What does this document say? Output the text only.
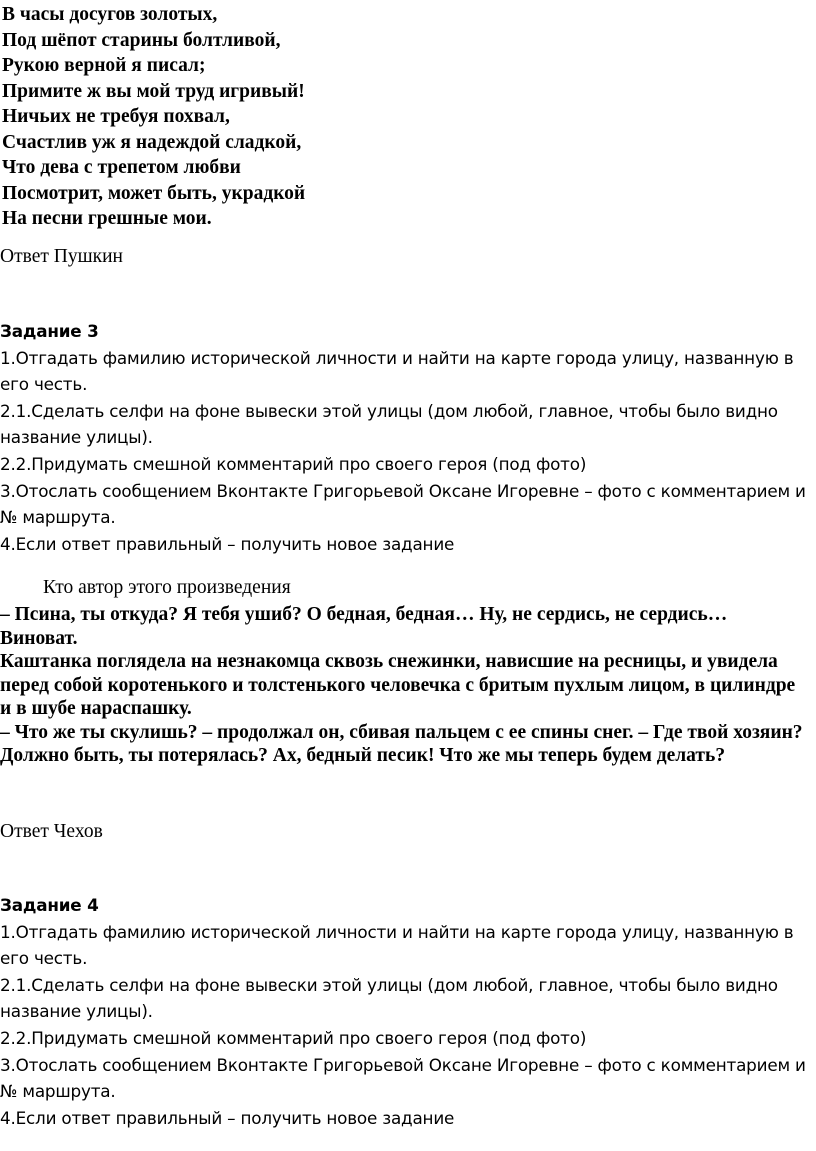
В часы досугов золотых,
Под шёпот старины болтливой,
Рукою верной я писал;
Примите ж вы мой труд игривый!
Ничьих не требуя похвал,
Счастлив уж я надеждой сладкой,
Что дева с трепетом любви
Посмотрит, может быть, украдкой
На песни грешные мои.
Ответ Пушкин
Задание 3
1.Отгадать фамилию исторической личности и найти на карте города улицу, названную в его честь.
2.1.Сделать селфи на фоне вывески этой улицы (дом любой, главное, чтобы было видно название улицы).
2.2.Придумать смешной комментарий про своего героя (под фото)
3.Отослать сообщением Вконтакте Григорьевой Оксане Игоревне – фото с комментарием и № маршрута.
4.Если ответ правильный – получить новое задание
Кто автор этого произведения
– Псина, ты откуда? Я тебя ушиб? О бедная, бедная… Ну, не сердись, не сердись… Виноват.
Каштанка поглядела на незнакомца сквозь снежинки, нависшие на ресницы, и увидела перед собой коротенького и толстенького человечка с бритым пухлым лицом, в цилиндре и в шубе нараспашку.
– Что же ты скулишь? – продолжал он, сбивая пальцем с ее спины снег. – Где твой хозяин? Должно быть, ты потерялась? Ах, бедный песик! Что же мы теперь будем делать?
Ответ Чехов
Задание 4
1.Отгадать фамилию исторической личности и найти на карте города улицу, названную в его честь.
2.1.Сделать селфи на фоне вывески этой улицы (дом любой, главное, чтобы было видно название улицы).
2.2.Придумать смешной комментарий про своего героя (под фото)
3.Отослать сообщением Вконтакте Григорьевой Оксане Игоревне – фото с комментарием и № маршрута.
4.Если ответ правильный – получить новое задание
